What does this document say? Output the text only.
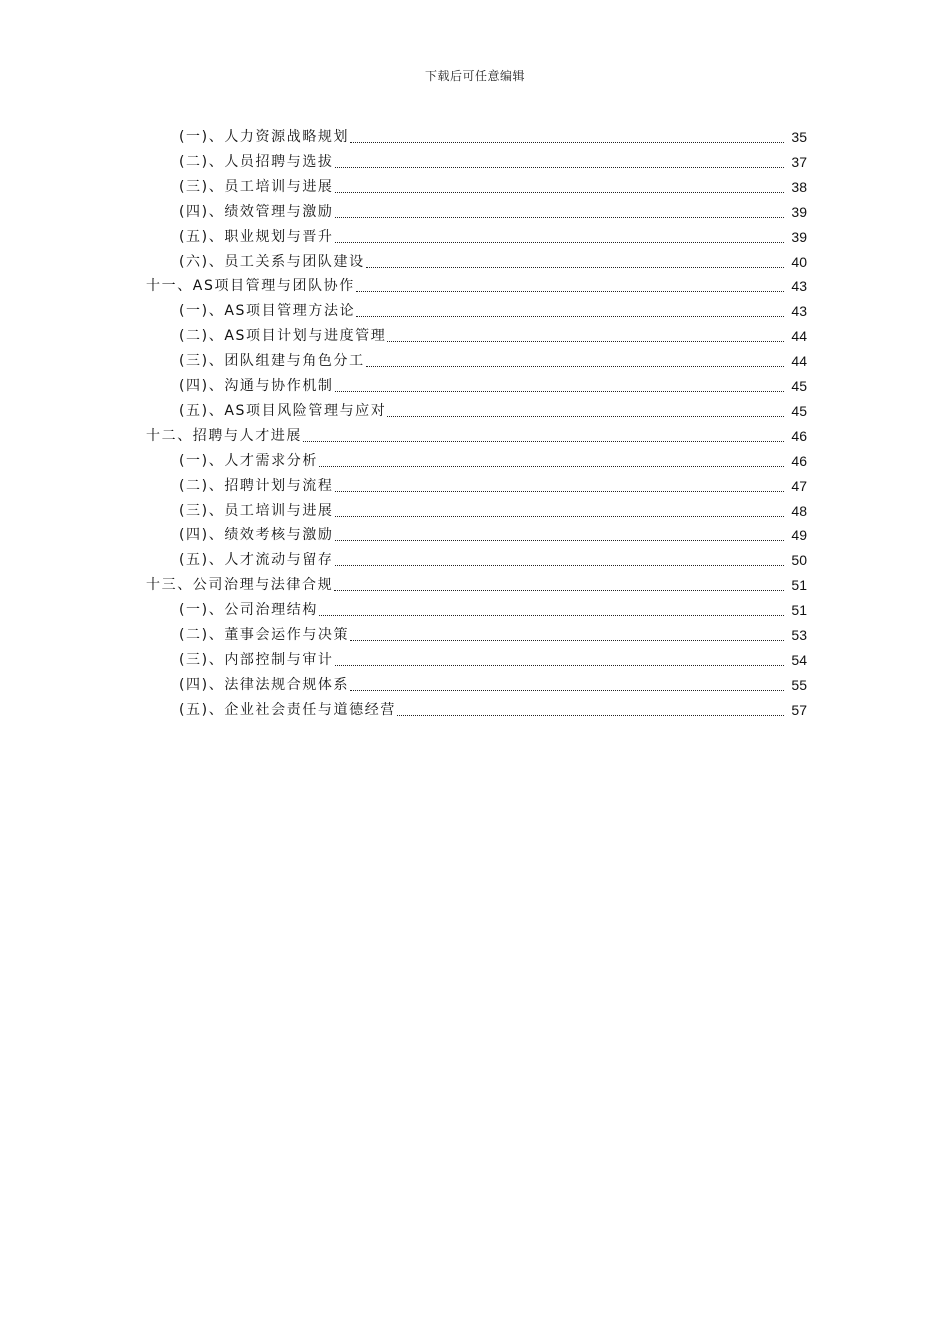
下载后可任意编辑
(一)、人力资源战略规划	35
(二)、人员招聘与选拔	37
(三)、员工培训与进展	38
(四)、绩效管理与激励	39
(五)、职业规划与晋升	39
(六)、员工关系与团队建设	40
十一、AS项目管理与团队协作	43
(一)、AS项目管理方法论	43
(二)、AS项目计划与进度管理	44
(三)、团队组建与角色分工	44
(四)、沟通与协作机制	45
(五)、AS项目风险管理与应对	45
十二、招聘与人才进展	46
(一)、人才需求分析	46
(二)、招聘计划与流程	47
(三)、员工培训与进展	48
(四)、绩效考核与激励	49
(五)、人才流动与留存	50
十三、公司治理与法律合规	51
(一)、公司治理结构	51
(二)、董事会运作与决策	53
(三)、内部控制与审计	54
(四)、法律法规合规体系	55
(五)、企业社会责任与道德经营	57
